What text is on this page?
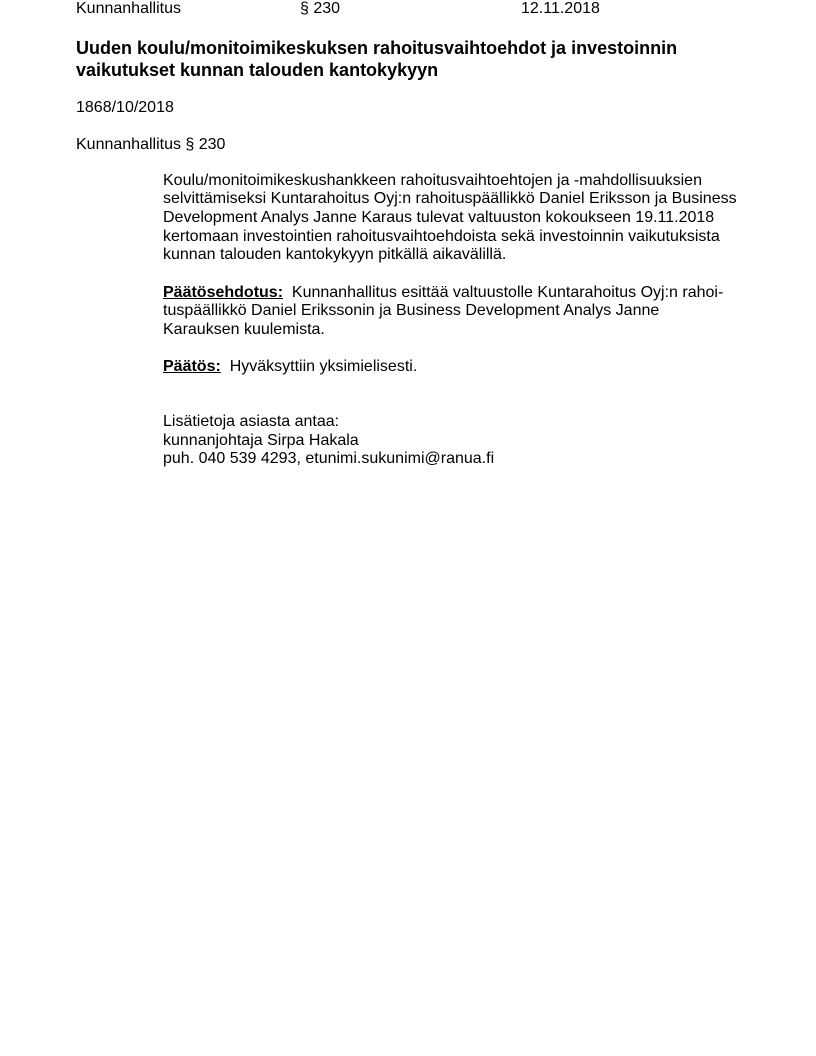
Kunnanhallitus	§ 230	12.11.2018
Uuden koulu/monitoimikeskuksen rahoitusvaihtoehdot ja investoinnin
vaikutukset kunnan talouden kantokykyyn
1868/10/2018
Kunnanhallitus § 230
Koulu/monitoimikeskushankkeen rahoitusvaihtoehtojen ja -mahdollisuuksien
selvittämiseksi Kuntarahoitus Oyj:n rahoituspäällikkö Daniel Eriksson ja Business
Development Analys Janne Karaus tulevat valtuuston kokoukseen 19.11.2018
kertomaan investointien rahoitusvaihtoehdoista sekä investoinnin vaikutuksista
kunnan talouden kantokykyyn pitkällä aikavälillä.
Päätösehdotus: Kunnanhallitus esittää valtuustolle Kuntarahoitus Oyj:n rahoi-
tuspäällikkö Daniel Erikssonin ja Business Development Analys Janne
Karauksen kuulemista.
Päätös: Hyväksyttiin yksimielisesti.
Lisätietoja asiasta antaa:
kunnanjohtaja Sirpa Hakala
puh. 040 539 4293, etunimi.sukunimi@ranua.fi
